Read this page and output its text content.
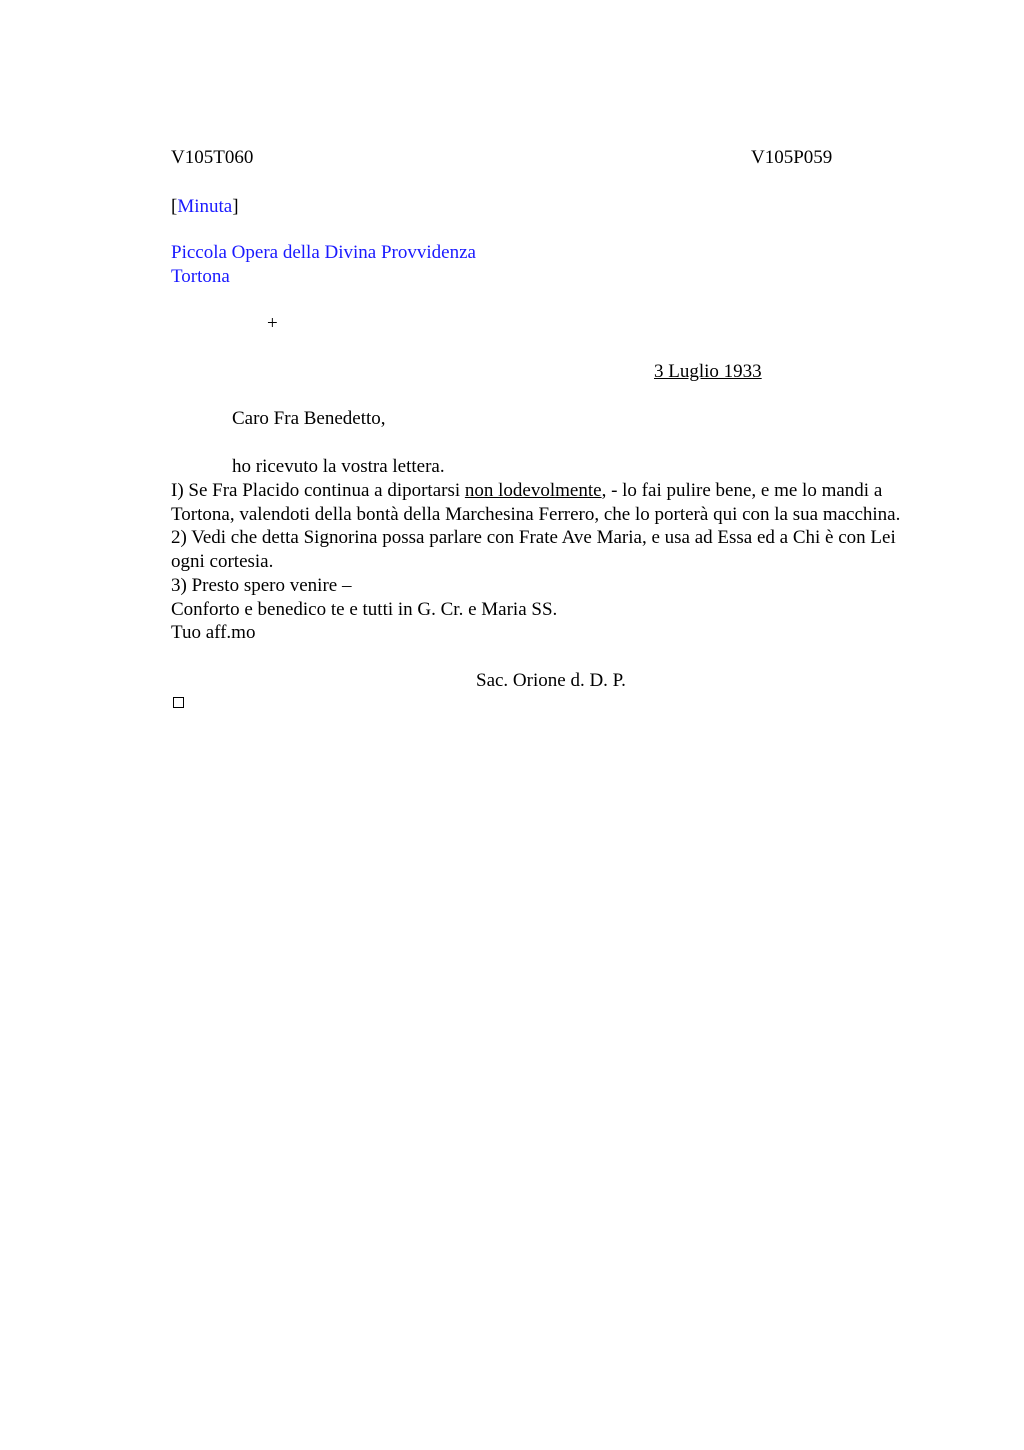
V105T060	V105P059
[Minuta]
Piccola Opera della Divina Provvidenza
Tortona
+
3 Luglio 1933
Caro Fra Benedetto,
ho ricevuto la vostra lettera.

I) Se Fra Placido continua a diportarsi non lodevolmente, - lo fai pulire bene, e me lo mandi a Tortona, valendoti della bontà della Marchesina Ferrero, che lo porterà qui con la sua macchina.

2) Vedi che detta Signorina possa parlare con Frate Ave Maria, e usa ad Essa ed a Chi è con Lei ogni cortesia.

3) Presto spero venire –

Conforto e benedico te e tutti in G. Cr. e Maria SS.

Tuo aff.mo

Sac. Orione d. D. P.
